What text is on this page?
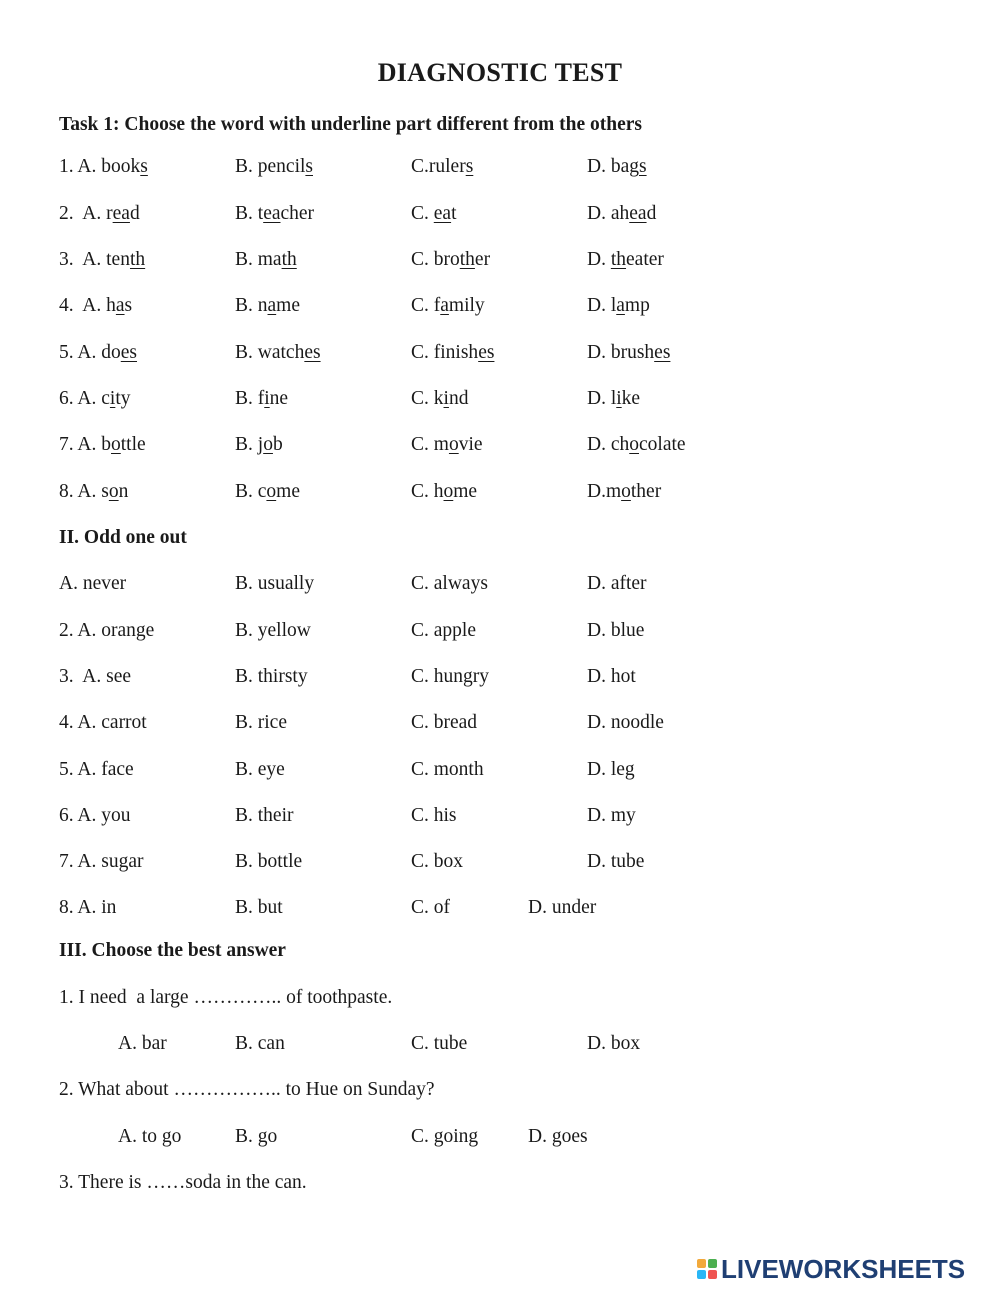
DIAGNOSTIC TEST
Task 1: Choose the word with underline part different from the others
1. A. books	B. pencils	C.rulers	D. bags
2.  A. read	B. teacher	C. eat	D. ahead
3.  A. tenth	B. math	C. brother	D. theater
4.  A. has	B. name	C. family	D. lamp
5. A. does	B. watches	C. finishes	D. brushes
6. A. city	B. fine	C. kind	D. like
7. A. bottle	B. job	C. movie	D. chocolate
8. A. son	B. come	C. home	D.mother
II. Odd one out
A. never	B. usually	C. always	D. after
2. A. orange	B. yellow	C. apple	D. blue
3.  A. see	B. thirsty	C. hungry	D. hot
4. A. carrot	B. rice	C. bread	D. noodle
5. A. face	B. eye	C. month	D. leg
6. A. you	B. their	C. his	D. my
7. A. sugar	B. bottle	C. box	D. tube
8. A. in	B. but	C. of	D. under
III. Choose the best answer
1. I need  a large ………….. of toothpaste.
A. bar	B. can	C. tube	D. box
2. What about …………….. to Hue on Sunday?
A. to go	B. go	C. going	D. goes
3. There is ……soda in the can.
LIVEWORKSHEETS
